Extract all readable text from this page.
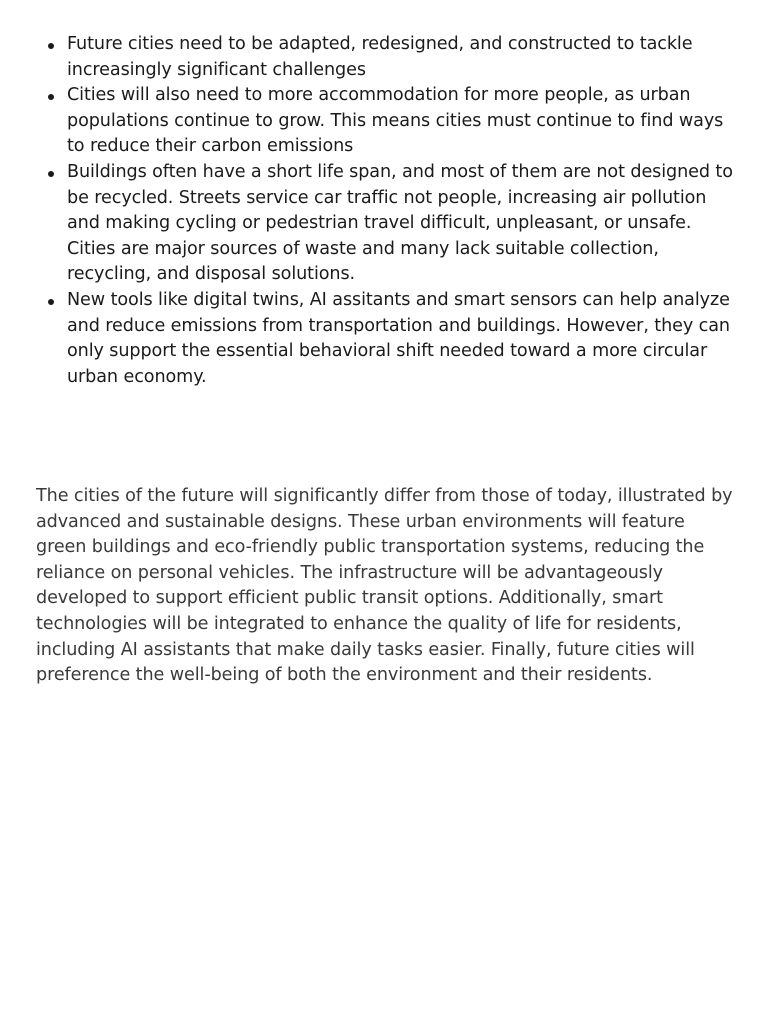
Future cities need to be adapted, redesigned, and constructed to tackle increasingly significant challenges
Cities will also need to more accommodation for more people, as urban populations continue to grow. This means cities must continue to find ways to reduce their carbon emissions
Buildings often have a short life span, and most of them are not designed to be recycled. Streets service car traffic not people, increasing air pollution and making cycling or pedestrian travel difficult, unpleasant, or unsafe. Cities are major sources of waste and many lack suitable collection, recycling, and disposal solutions.
New tools like digital twins, AI assitants and smart sensors can help analyze and reduce emissions from transportation and buildings. However, they can only support the essential behavioral shift needed toward a more circular urban economy.

The cities of the future will significantly differ from those of today, illustrated by advanced and sustainable designs. These urban environments will feature green buildings and eco-friendly public transportation systems, reducing the reliance on personal vehicles. The infrastructure will be advantageously developed to support efficient public transit options. Additionally, smart technologies will be integrated to enhance the quality of life for residents, including AI assistants that make daily tasks easier. Finally, future cities will preference the well-being of both the environment and their residents.
